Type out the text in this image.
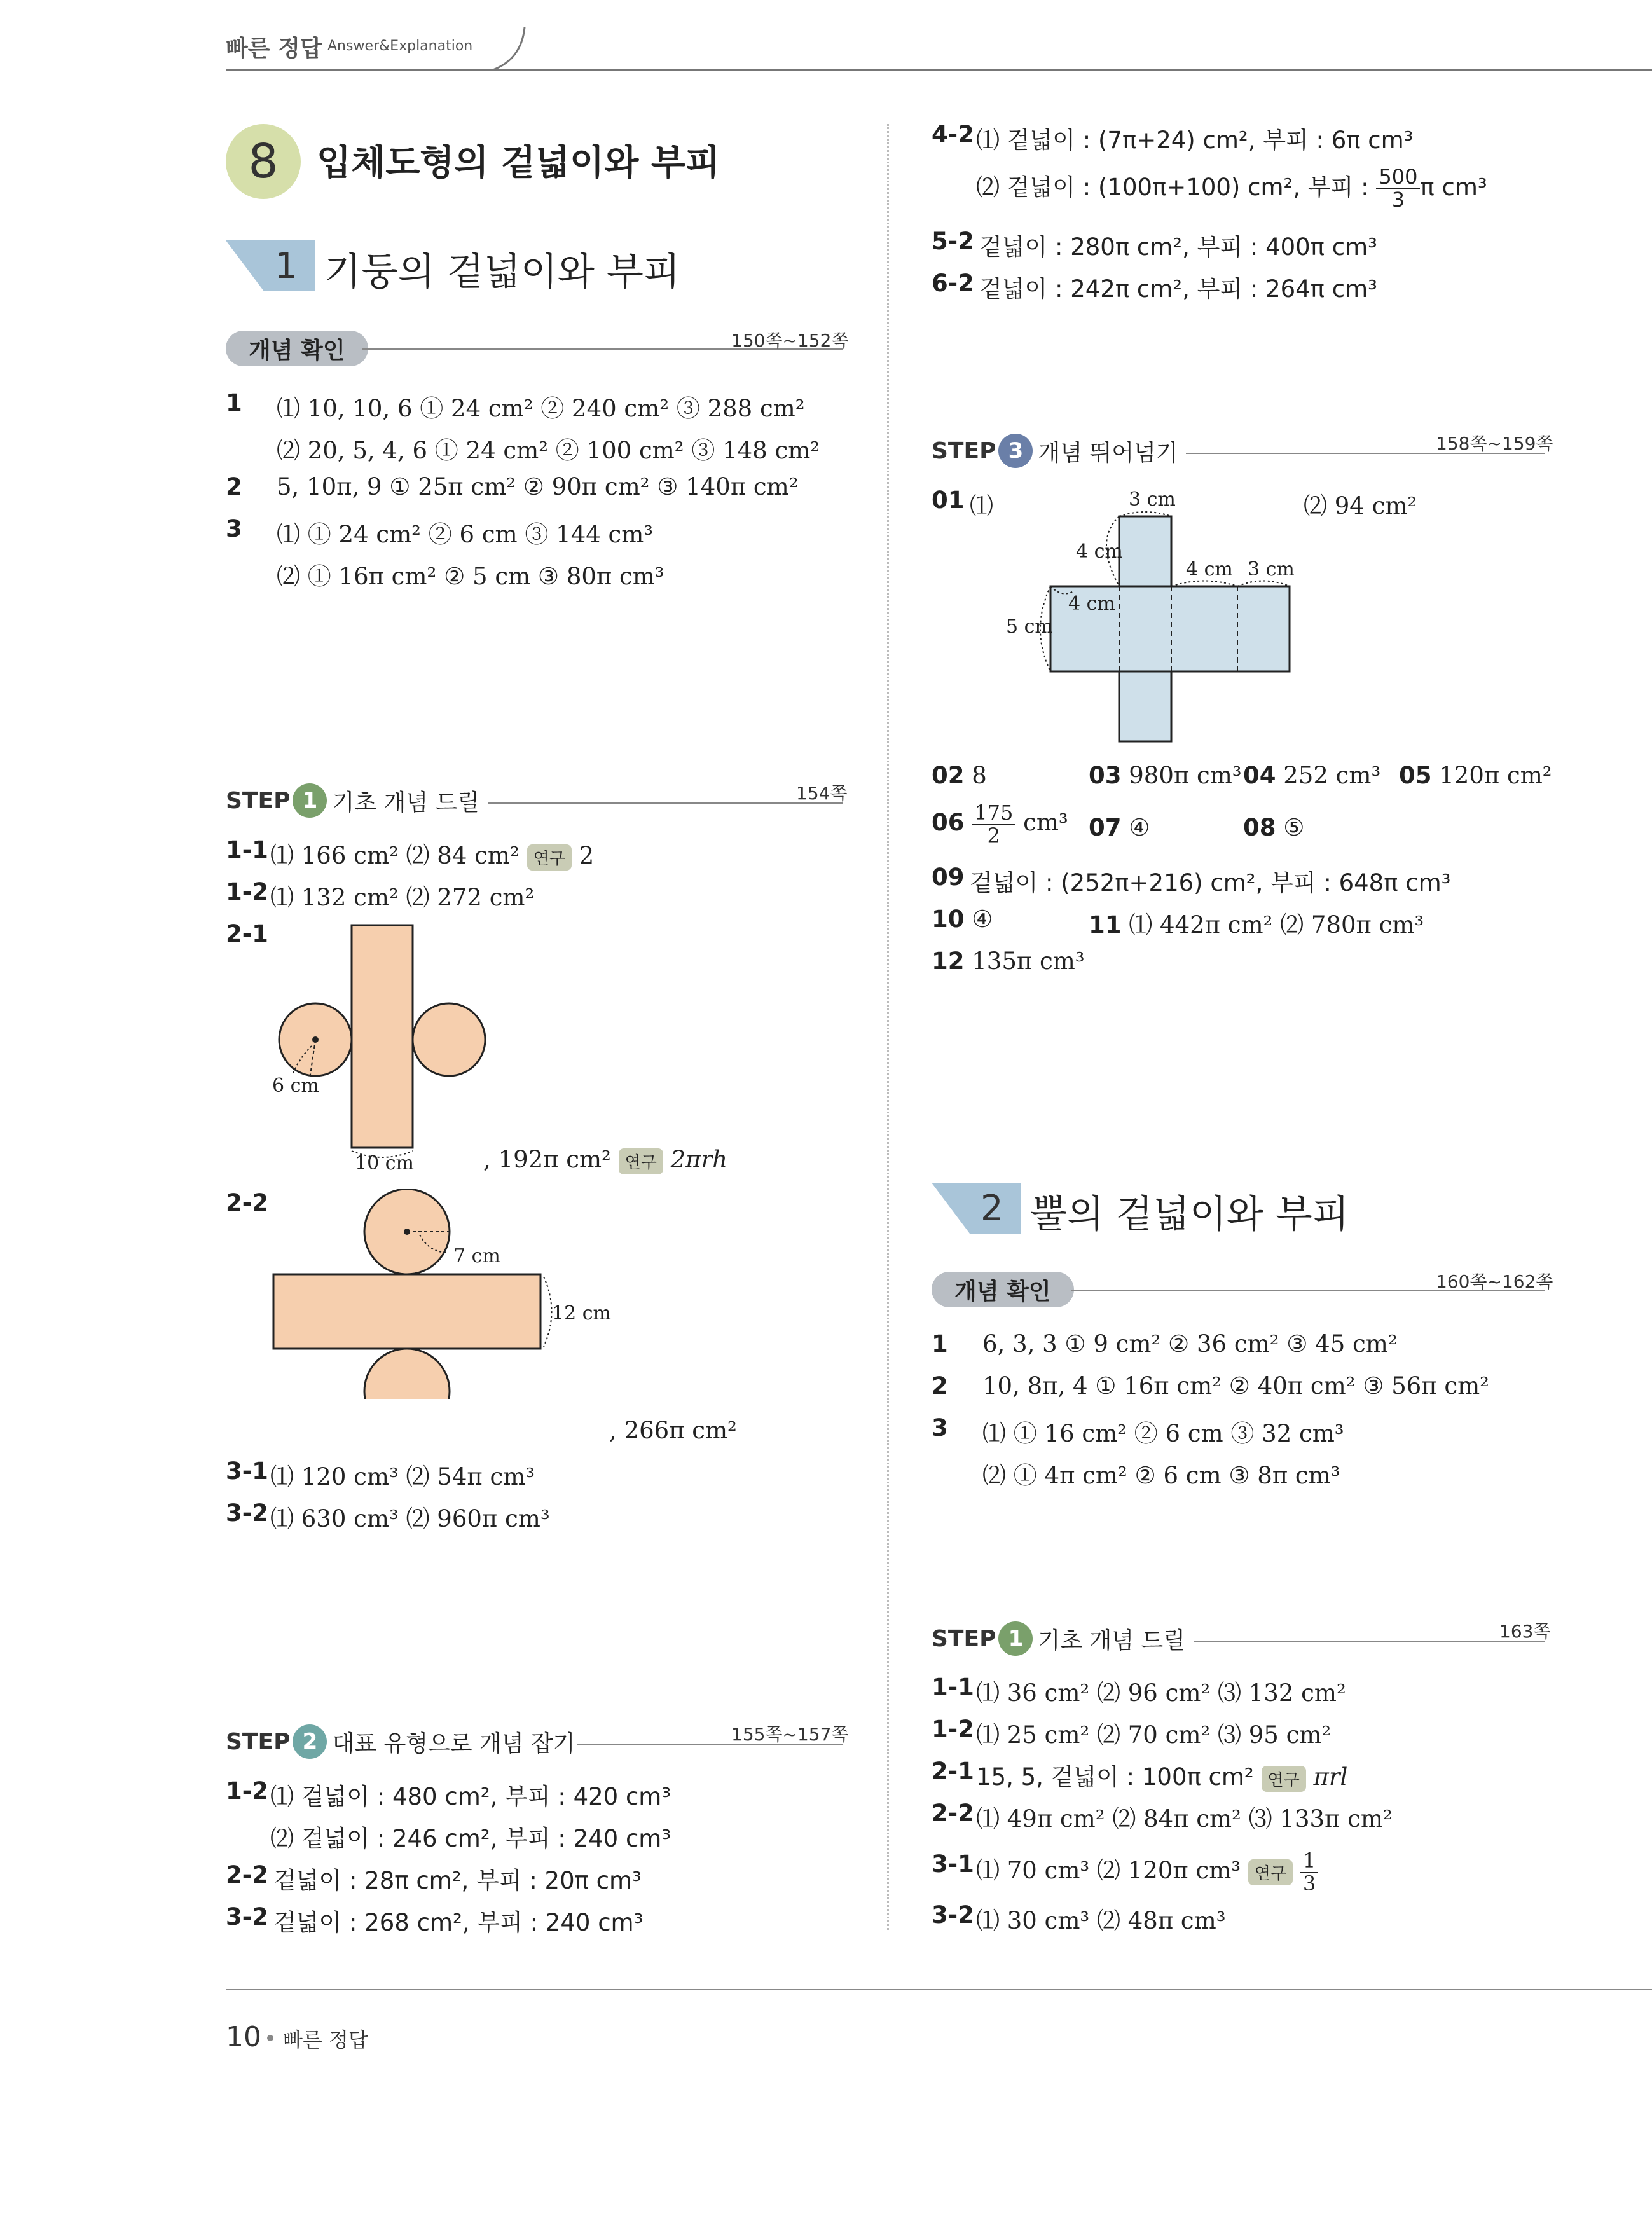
빠른 정답 Answer&Explanation
8	입체도형의 겉넓이와 부피
1 기둥의 겉넓이와 부피
개념 확인	150쪽~152쪽
1 ⑴ 10, 10, 6 ① 24 cm² ② 240 cm² ③ 288 cm²
⑵ 20, 5, 4, 6 ① 24 cm² ② 100 cm² ③ 148 cm²
2 5, 10π, 9 ① 25π cm² ② 90π cm² ③ 140π cm²
3 ⑴ ① 24 cm² ② 6 cm ③ 144 cm³
⑵ ① 16π cm² ② 5 cm ③ 80π cm³
STEP 1 기초 개념 드릴	154쪽
1-1 ⑴ 166 cm² ⑵ 84 cm² 연구 2
1-2 ⑴ 132 cm² ⑵ 272 cm²
2-1
6 cm
10 cm	, 192π cm² 연구 2πrh
2-2
7 cm
12 cm
, 266π cm²
3-1 ⑴ 120 cm³ ⑵ 54π cm³
3-2 ⑴ 630 cm³ ⑵ 960π cm³
STEP 2 대표 유형으로 개념 잡기	155쪽~157쪽
1-2 ⑴ 겉넓이 : 480 cm², 부피 : 420 cm³
⑵ 겉넓이 : 246 cm², 부피 : 240 cm³
2-2 겉넓이 : 28π cm², 부피 : 20π cm³
3-2 겉넓이 : 268 cm², 부피 : 240 cm³
4-2 ⑴ 겉넓이 : (7π+24) cm², 부피 : 6π cm³
⑵ 겉넓이 : (100π+100) cm², 부피 : $\frac{500}{3}$ π cm³
5-2 겉넓이 : 280π cm², 부피 : 400π cm³
6-2 겉넓이 : 242π cm², 부피 : 264π cm³
STEP 3 개념 뛰어넘기	158쪽~159쪽
01 ⑴	⑵ 94 cm²
3 cm
4 cm
4 cm 3 cm
4 cm
5 cm
02 8	03 980π cm³ 04 252 cm³ 05 120π cm²
$06 \frac{175}{2} cm^3$ 07 ④	08 ⑤
09 겉넓이 : (252π+216) cm², 부피 : 648π cm³
10 ④	11 ⑴ 442π cm² ⑵ 780π cm³
12 135π cm³
2 뿔의 겉넓이와 부피
개념 확인	160쪽~162쪽
1 6, 3, 3 ① 9 cm² ② 36 cm² ③ 45 cm²
2 10, 8π, 4 ① 16π cm² ② 40π cm² ③ 56π cm²
3 ⑴ ① 16 cm² ② 6 cm ③ 32 cm³
⑵ ① 4π cm² ② 6 cm ③ 8π cm³
STEP 1 기초 개념 드릴	163쪽
1-1 ⑴ 36 cm² ⑵ 96 cm² ⑶ 132 cm²
1-2 ⑴ 25 cm² ⑵ 70 cm² ⑶ 95 cm²
2-1 15, 5, 겉넓이 : 100π cm² 연구 πrl
2-2 ⑴ 49π cm² ⑵ 84π cm² ⑶ 133π cm²
3-1 ⑴ 70 cm³ ⑵ 120π cm³ 연구 $\frac{1}{3}$
3-2 ⑴ 30 cm³ ⑵ 48π cm³
10 빠른 정답
